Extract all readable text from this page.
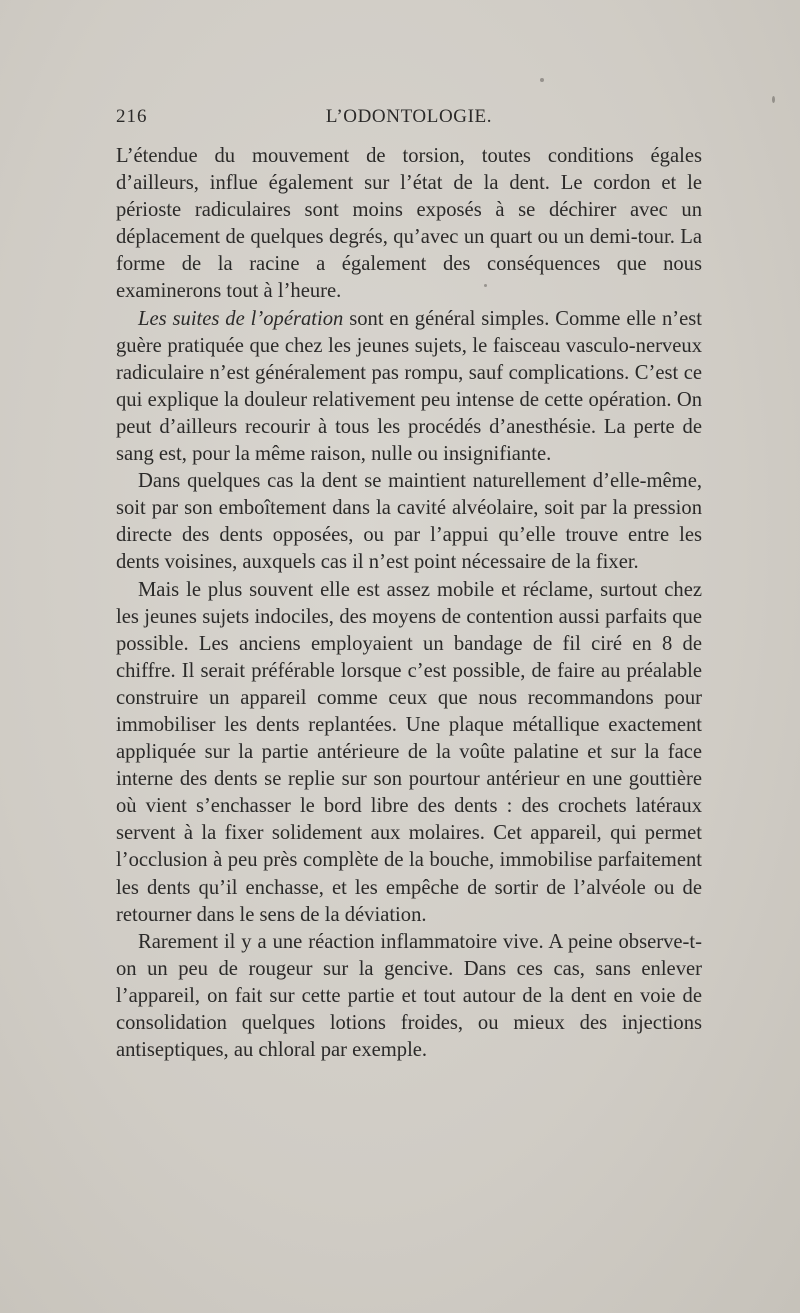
216	L’ODONTOLOGIE.

L’étendue du mouvement de torsion, toutes conditions égales d’ailleurs, influe également sur l’état de la dent. Le cordon et le périoste radiculaires sont moins exposés à se déchirer avec un déplacement de quelques degrés, qu’avec un quart ou un demi-tour. La forme de la racine a également des conséquences que nous examinerons tout à l’heure.

Les suites de l’opération sont en général simples. Comme elle n’est guère pratiquée que chez les jeunes sujets, le faisceau vasculo-nerveux radiculaire n’est généralement pas rompu, sauf complications. C’est ce qui explique la douleur relativement peu intense de cette opération. On peut d’ailleurs recourir à tous les procédés d’anesthésie. La perte de sang est, pour la même raison, nulle ou insignifiante.

Dans quelques cas la dent se maintient naturellement d’elle-même, soit par son emboîtement dans la cavité alvéolaire, soit par la pression directe des dents opposées, ou par l’appui qu’elle trouve entre les dents voisines, auxquels cas il n’est point nécessaire de la fixer.

Mais le plus souvent elle est assez mobile et réclame, surtout chez les jeunes sujets indociles, des moyens de contention aussi parfaits que possible. Les anciens employaient un bandage de fil ciré en 8 de chiffre. Il serait préférable lorsque c’est possible, de faire au préalable construire un appareil comme ceux que nous recommandons pour immobiliser les dents replantées. Une plaque métallique exactement appliquée sur la partie antérieure de la voûte palatine et sur la face interne des dents se replie sur son pourtour antérieur en une gouttière où vient s’enchasser le bord libre des dents : des crochets latéraux servent à la fixer solidement aux molaires. Cet appareil, qui permet l’occlusion à peu près complète de la bouche, immobilise parfaitement les dents qu’il enchasse, et les empêche de sortir de l’alvéole ou de retourner dans le sens de la déviation.

Rarement il y a une réaction inflammatoire vive. A peine observe-t-on un peu de rougeur sur la gencive. Dans ces cas, sans enlever l’appareil, on fait sur cette partie et tout autour de la dent en voie de consolidation quelques lotions froides, ou mieux des injections antiseptiques, au chloral par exemple.
